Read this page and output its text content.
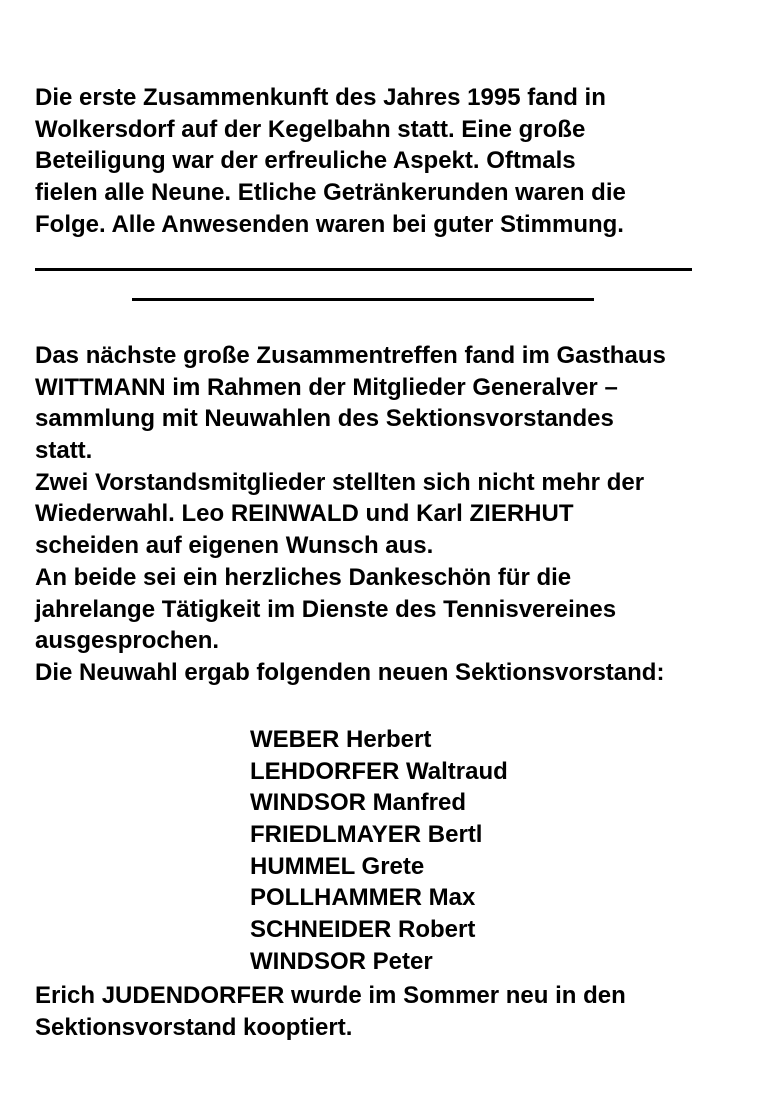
Die erste Zusammenkunft des Jahres 1995 fand in
Wolkersdorf auf der Kegelbahn statt. Eine große
Beteiligung war der erfreuliche Aspekt. Oftmals
fielen alle Neune. Etliche Getränkerunden waren die
Folge. Alle Anwesenden waren bei guter Stimmung.
Das nächste große Zusammentreffen fand im Gasthaus
WITTMANN im Rahmen der Mitglieder Generalver –
sammlung mit Neuwahlen des Sektionsvorstandes
statt.
Zwei Vorstandsmitglieder stellten sich nicht mehr der
Wiederwahl. Leo REINWALD und Karl ZIERHUT
scheiden auf eigenen Wunsch aus.
An beide sei ein herzliches Dankeschön für die
jahrelange Tätigkeit im Dienste des Tennisvereines
ausgesprochen.
Die Neuwahl ergab folgenden neuen Sektionsvorstand:
WEBER Herbert
LEHDORFER Waltraud
WINDSOR Manfred
FRIEDLMAYER Bertl
HUMMEL Grete
POLLHAMMER Max
SCHNEIDER Robert
WINDSOR Peter
Erich JUDENDORFER wurde im Sommer neu in den
Sektionsvorstand kooptiert.
